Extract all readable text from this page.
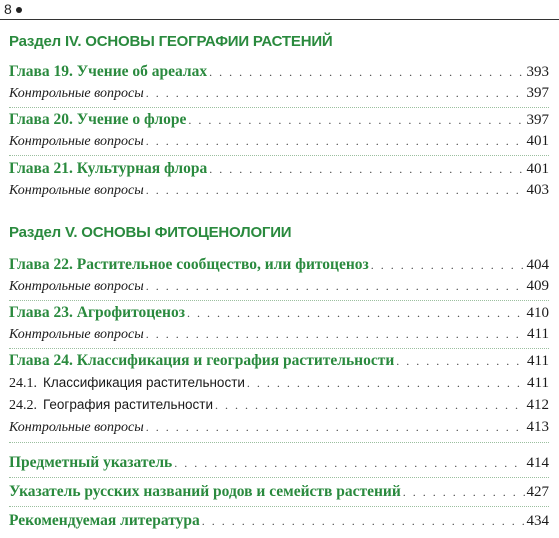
8
Раздел IV. ОСНОВЫ ГЕОГРАФИИ РАСТЕНИЙ
Глава 19. Учение об ареалах . . .	393
Контрольные вопросы . . .	397
Глава 20. Учение о флоре . . .	397
Контрольные вопросы . . .	401
Глава 21. Культурная флора . . .	401
Контрольные вопросы . . .	403
Раздел V. ОСНОВЫ ФИТОЦЕНОЛОГИИ
Глава 22. Растительное сообщество, или фитоценоз . . .	404
Контрольные вопросы . . .	409
Глава 23. Агрофитоценоз . . .	410
Контрольные вопросы . . .	411
Глава 24. Классификация и география растительности . . .	411
24.1. Классификация растительности . . .	411
24.2. География растительности . . .	412
Контрольные вопросы . . .	413
Предметный указатель . . .	414
Указатель русских названий родов и семейств растений . . .	427
Рекомендуемая литература . . .	434
